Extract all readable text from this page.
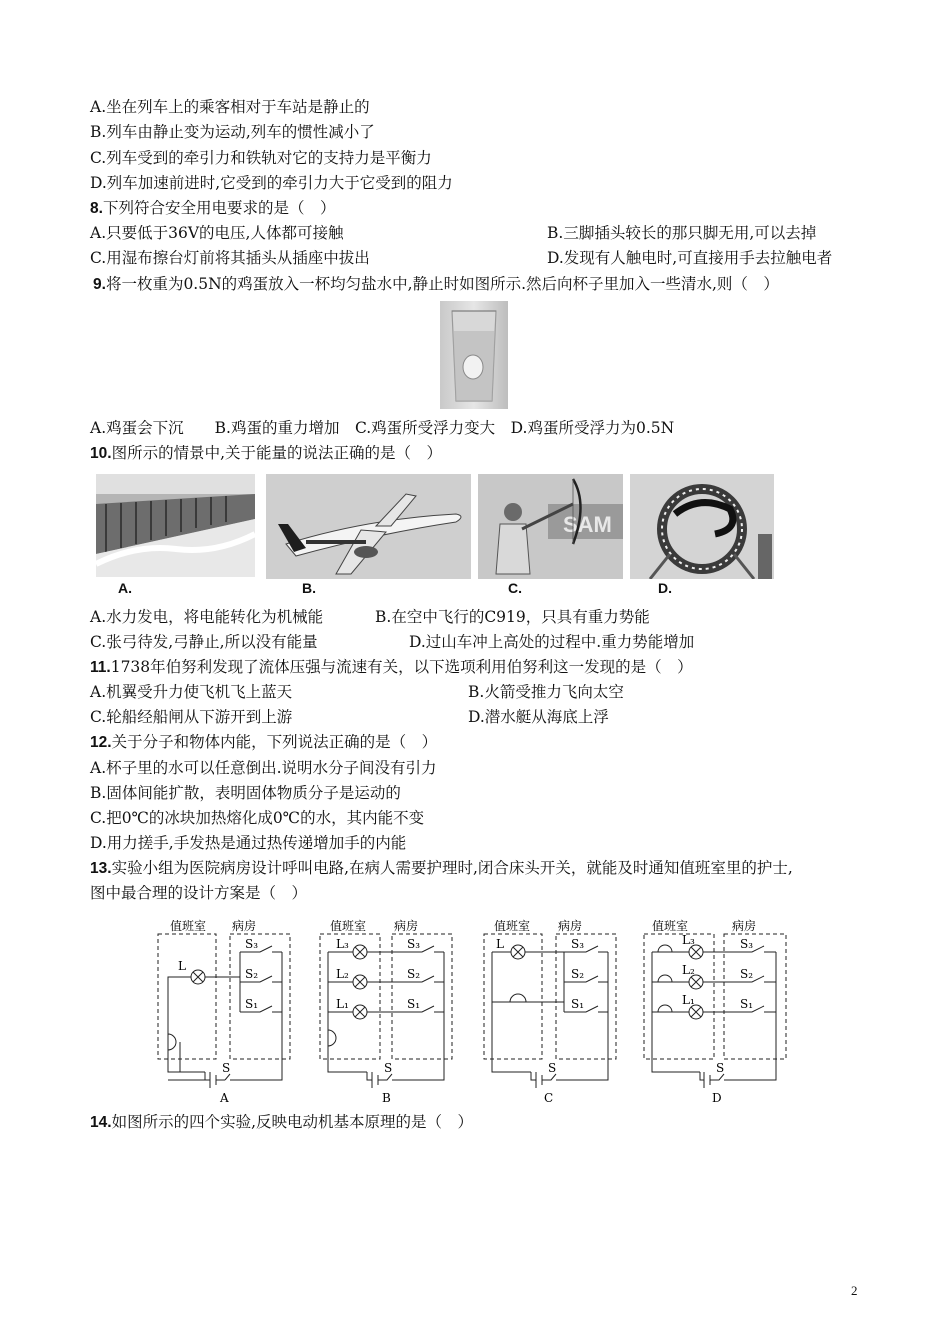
A.坐在列车上的乘客相对于车站是静止的
B.列车由静止变为运动,列车的惯性减小了
C.列车受到的牵引力和铁轨对它的支持力是平衡力
D.列车加速前进时,它受到的牵引力大于它受到的阻力
8.下列符合安全用电要求的是（　）
A.只要低于36V的电压,人体都可接触	B.三脚插头较长的那只脚无用,可以去掉
C.用湿布擦台灯前将其插头从插座中拔出	D.发现有人触电时,可直接用手去拉触电者
9.将一枚重为0.5N的鸡蛋放入一杯均匀盐水中,静止时如图所示.然后向杯子里加入一些清水,则（　）
A.鸡蛋会下沉　　B.鸡蛋的重力增加　C.鸡蛋所受浮力变大　D.鸡蛋所受浮力为0.5N
10.图所示的情景中,关于能量的说法正确的是（　）
SAM
A.	B.	C.	D.
A.水力发电，将电能转化为机械能	B.在空中飞行的C919，只具有重力势能
C.张弓待发,弓静止,所以没有能量	D.过山车冲上高处的过程中.重力势能增加
11.1738年伯努利发现了流体压强与流速有关，以下选项利用伯努利这一发现的是（　）
A.机翼受升力使飞机飞上蓝天	B.火箭受推力飞向太空
C.轮船经船闸从下游开到上游	D.潜水艇从海底上浮
12.关于分子和物体内能，下列说法正确的是（　）
A.杯子里的水可以任意倒出.说明水分子间没有引力
B.固体间能扩散，表明固体物质分子是运动的
C.把0℃的冰块加热熔化成0℃的水，其内能不变
D.用力搓手,手发热是通过热传递增加手的内能
13.实验小组为医院病房设计呼叫电路,在病人需要护理时,闭合床头开关，就能及时通知值班室里的护士,
图中最合理的设计方案是（　）
值班室 病房
L
S₃
S₂
S₁
S
A
值班室 病房
L₃
L₂
L₁
S₃
S₂
S₁
S
B
值班室 病房
L	S₃
S₂
S₁
S
C
值班室	病房
L₃
L₂
L₁
S₃
S₂
S₁
S
D
14.如图所示的四个实验,反映电动机基本原理的是（　）
2
